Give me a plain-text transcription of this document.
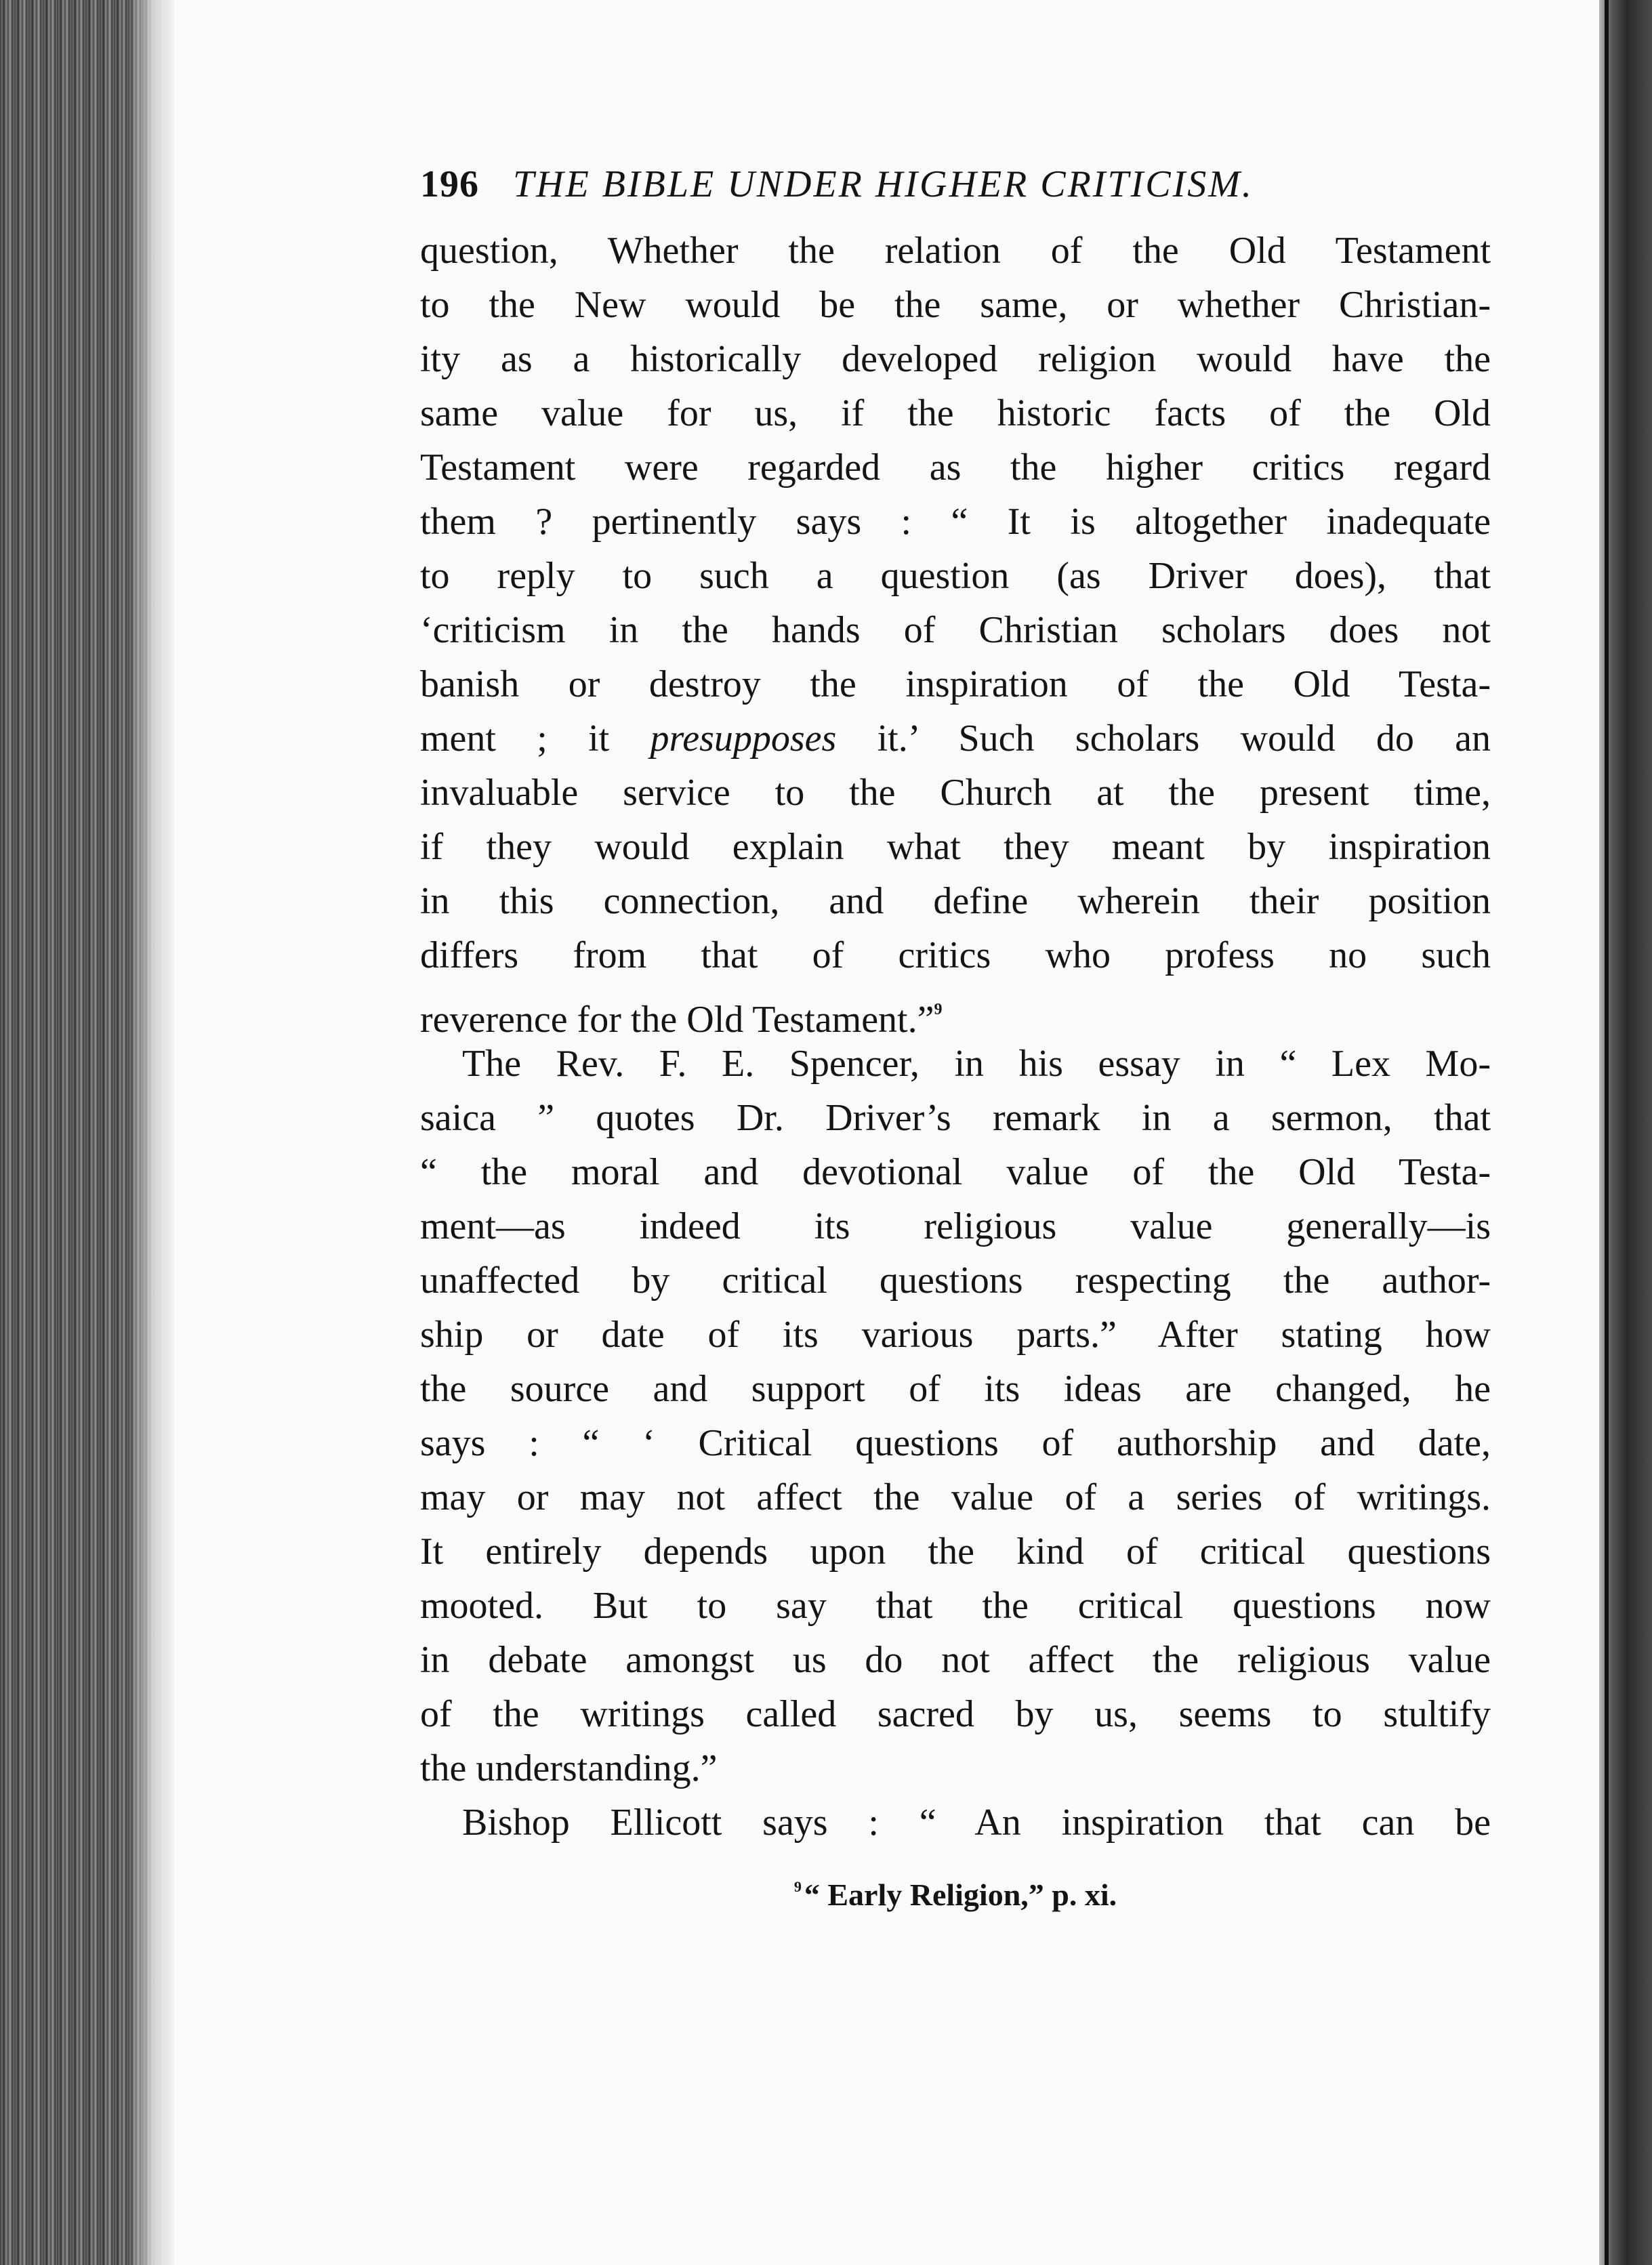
196 THE BIBLE UNDER HIGHER CRITICISM.
question, Whether the relation of the Old Testament
to the New would be the same, or whether Christian-
ity as a historically developed religion would have the
same value for us, if the historic facts of the Old
Testament were regarded as the higher critics regard
them ? pertinently says : “ It is altogether inadequate
to reply to such a question (as Driver does), that
‘criticism in the hands of Christian scholars does not
banish or destroy the inspiration of the Old Testa-
ment ; it presupposes it.’ Such scholars would do an
invaluable service to the Church at the present time,
if they would explain what they meant by inspiration
in this connection, and define wherein their position
differs from that of critics who profess no such
reverence for the Old Testament.”$^9$
The Rev. F. E. Spencer, in his essay in “ Lex Mo-
saica ” quotes Dr. Driver’s remark in a sermon, that
“ the moral and devotional value of the Old Testa-
ment—as indeed its religious value generally—is
unaffected by critical questions respecting the author-
ship or date of its various parts.” After stating how
the source and support of its ideas are changed, he
says : “ ‘ Critical questions of authorship and date,
may or may not affect the value of a series of writings.
It entirely depends upon the kind of critical questions
mooted. But to say that the critical questions now
in debate amongst us do not affect the religious value
of the writings called sacred by us, seems to stultify
the understanding.”
Bishop Ellicott says : “ An inspiration that can be
$^9$“ Early Religion,” p. xi.
